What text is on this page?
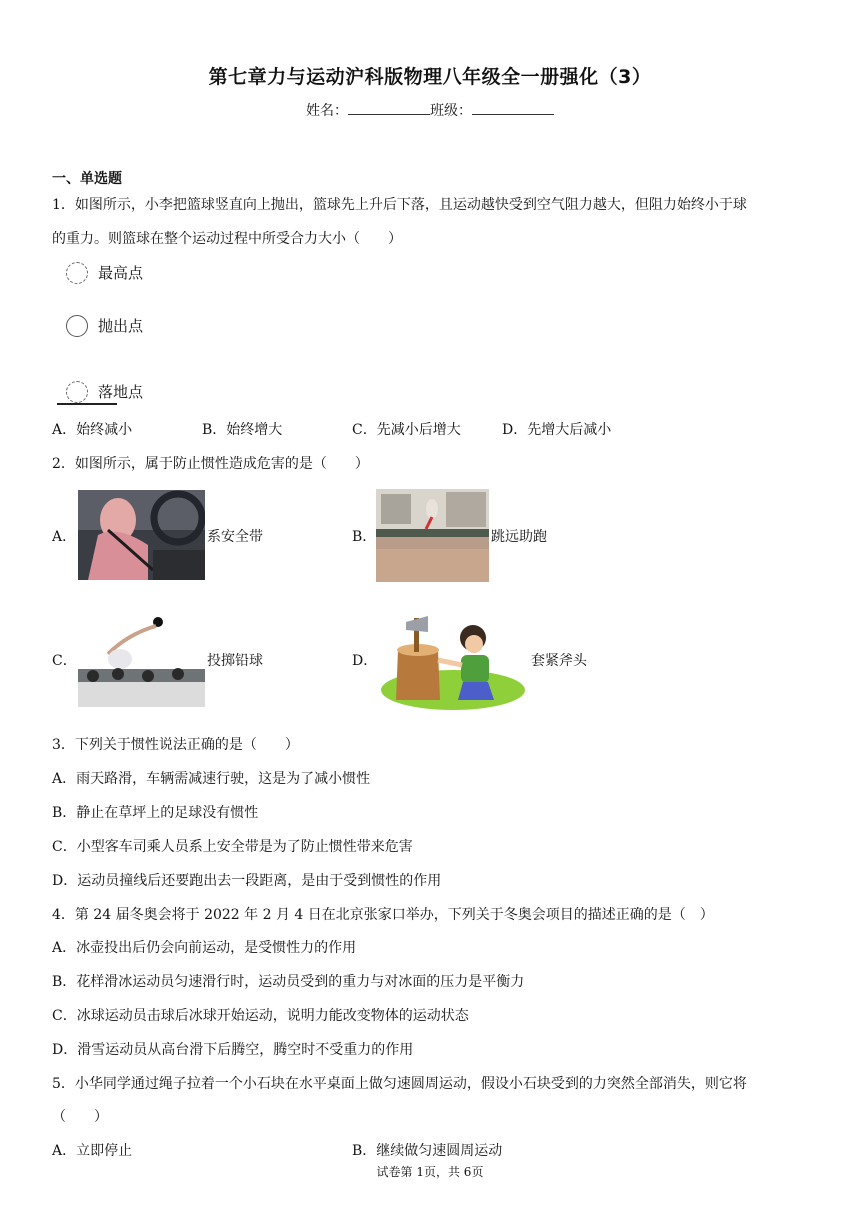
第七章力与运动沪科版物理八年级全一册强化（3）
姓名：	班级：
一、单选题
1．如图所示，小李把篮球竖直向上抛出，篮球先上升后下落，且运动越快受到空气阻力越大，但阻力始终小于球
的重力。则篮球在整个运动过程中所受合力大小（　　）
最高点
抛出点
落地点
A．始终减小	B．始终增大	C．先减小后增大	D．先增大后减小
2．如图所示，属于防止惯性造成危害的是（　　）
A．	系安全带	B．	跳远助跑
C．	投掷铅球	D．	套紧斧头
3．下列关于惯性说法正确的是（　　）
A．雨天路滑，车辆需减速行驶，这是为了减小惯性
B．静止在草坪上的足球没有惯性
C．小型客车司乘人员系上安全带是为了防止惯性带来危害
D．运动员撞线后还要跑出去一段距离，是由于受到惯性的作用
4．第 24 届冬奥会将于 2022 年 2 月 4 日在北京张家口举办，下列关于冬奥会项目的描述正确的是（　）
A．冰壶投出后仍会向前运动，是受惯性力的作用
B．花样滑冰运动员匀速滑行时，运动员受到的重力与对冰面的压力是平衡力
C．冰球运动员击球后冰球开始运动，说明力能改变物体的运动状态
D．滑雪运动员从高台滑下后腾空，腾空时不受重力的作用
5．小华同学通过绳子拉着一个小石块在水平桌面上做匀速圆周运动，假设小石块受到的力突然全部消失，则它将
（　　）
A．立即停止	B．继续做匀速圆周运动
试卷第 1页，共 6页
